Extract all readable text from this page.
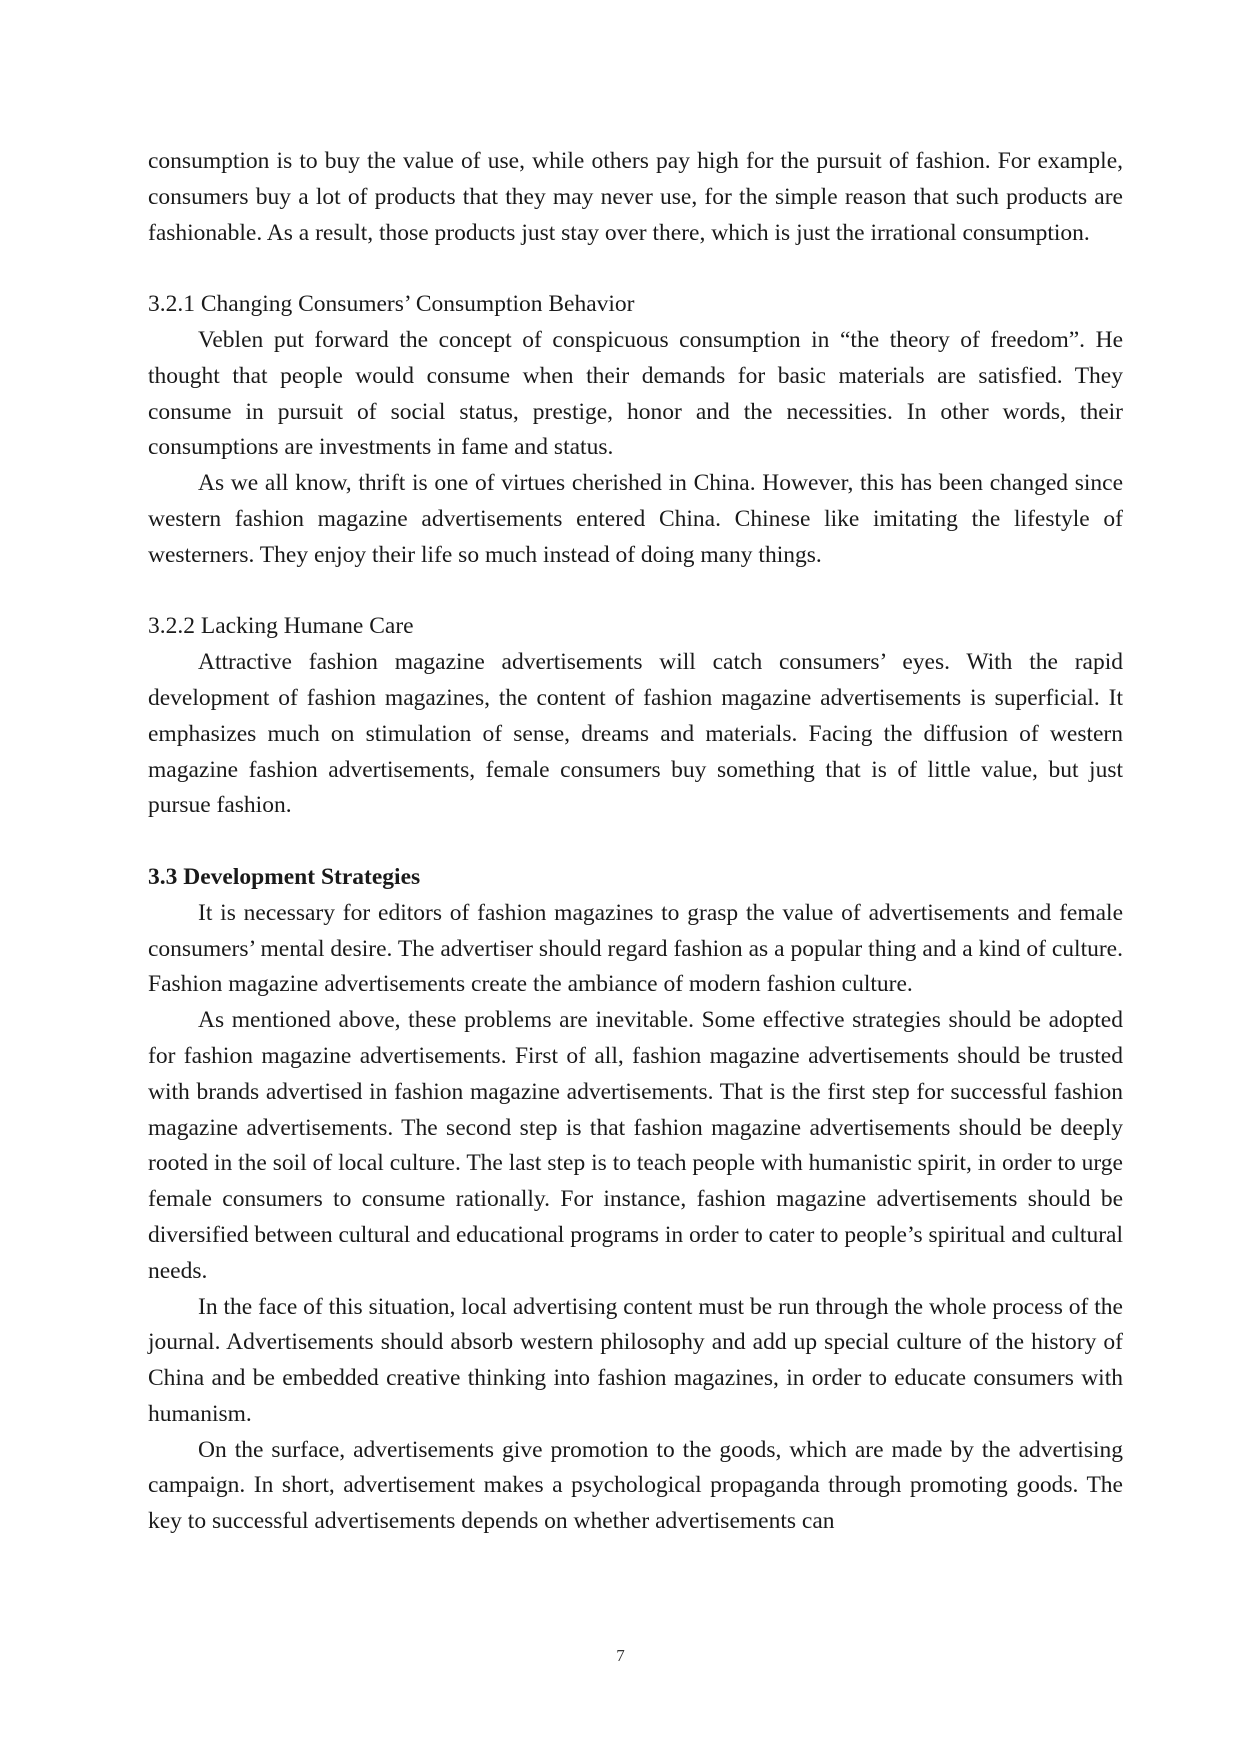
consumption is to buy the value of use, while others pay high for the pursuit of fashion. For example, consumers buy a lot of products that they may never use, for the simple reason that such products are fashionable. As a result, those products just stay over there, which is just the irrational consumption.

3.2.1 Changing Consumers’ Consumption Behavior

Veblen put forward the concept of conspicuous consumption in “the theory of freedom”. He thought that people would consume when their demands for basic materials are satisfied. They consume in pursuit of social status, prestige, honor and the necessities. In other words, their consumptions are investments in fame and status.

As we all know, thrift is one of virtues cherished in China. However, this has been changed since western fashion magazine advertisements entered China. Chinese like imitating the lifestyle of westerners. They enjoy their life so much instead of doing many things.

3.2.2 Lacking Humane Care

Attractive fashion magazine advertisements will catch consumers’ eyes. With the rapid development of fashion magazines, the content of fashion magazine advertisements is superficial. It emphasizes much on stimulation of sense, dreams and materials. Facing the diffusion of western magazine fashion advertisements, female consumers buy something that is of little value, but just pursue fashion.

3.3 Development Strategies

It is necessary for editors of fashion magazines to grasp the value of advertisements and female consumers’ mental desire. The advertiser should regard fashion as a popular thing and a kind of culture. Fashion magazine advertisements create the ambiance of modern fashion culture.

As mentioned above, these problems are inevitable. Some effective strategies should be adopted for fashion magazine advertisements. First of all, fashion magazine advertisements should be trusted with brands advertised in fashion magazine advertisements. That is the first step for successful fashion magazine advertisements. The second step is that fashion magazine advertisements should be deeply rooted in the soil of local culture. The last step is to teach people with humanistic spirit, in order to urge female consumers to consume rationally. For instance, fashion magazine advertisements should be diversified between cultural and educational programs in order to cater to people’s spiritual and cultural needs.

In the face of this situation, local advertising content must be run through the whole process of the journal. Advertisements should absorb western philosophy and add up special culture of the history of China and be embedded creative thinking into fashion magazines, in order to educate consumers with humanism.

On the surface, advertisements give promotion to the goods, which are made by the advertising campaign. In short, advertisement makes a psychological propaganda through promoting goods. The key to successful advertisements depends on whether advertisements can

7
